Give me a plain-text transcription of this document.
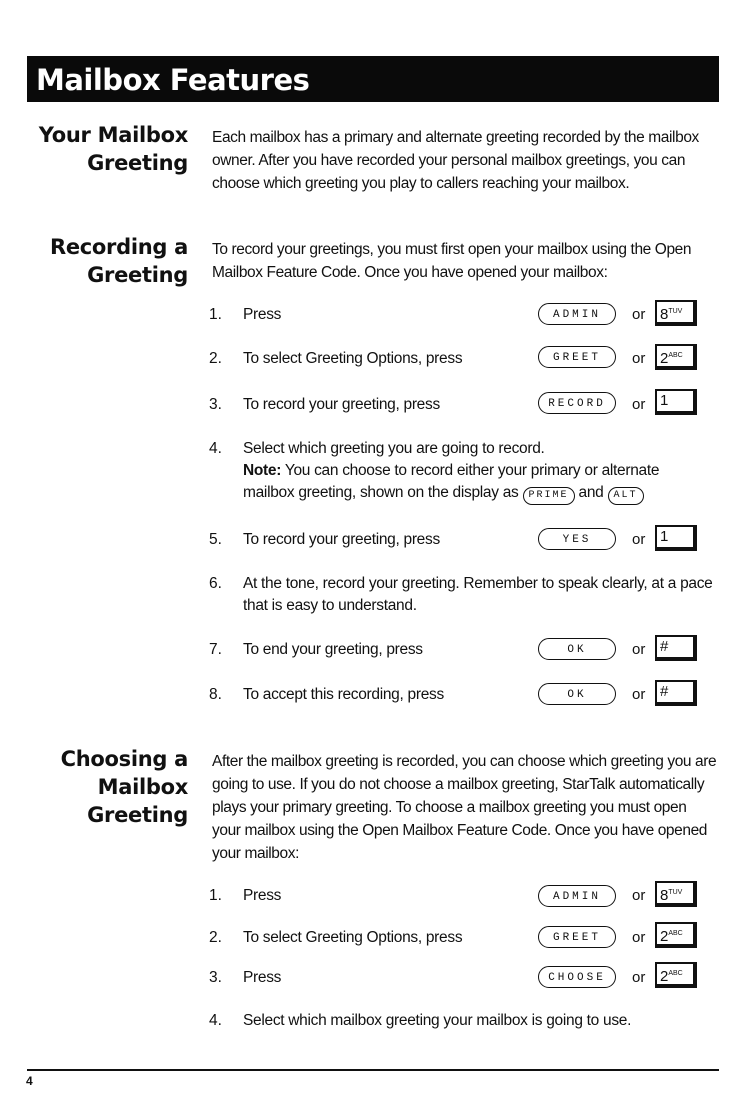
Mailbox Features
Your Mailbox
Greeting
Each mailbox has a primary and alternate greeting recorded by the mailbox owner. After you have recorded your personal mailbox greetings, you can choose which greeting you play to callers reaching your mailbox.
Recording a
Greeting
To record your greetings, you must first open your mailbox using the Open Mailbox Feature Code. Once you have opened your mailbox:
1. Press	ADMIN	or $8^{TUV}$
2. To select Greeting Options, press	GREET	or $2^{ABC}$
3. To record your greeting, press	RECORD	or 1
4. Select which greeting you are going to record.
Note: You can choose to record either your primary or alternate mailbox greeting, shown on the display as PRIME and ALT
5. To record your greeting, press	YES	or 1
6. At the tone, record your greeting. Remember to speak clearly, at a pace that is easy to understand.
7. To end your greeting, press	OK	or #
8. To accept this recording, press	OK	or #
Choosing a
Mailbox
Greeting
After the mailbox greeting is recorded, you can choose which greeting you are going to use. If you do not choose a mailbox greeting, StarTalk automatically plays your primary greeting. To choose a mailbox greeting you must open your mailbox using the Open Mailbox Feature Code. Once you have opened your mailbox:
1. Press	ADMIN	or $8^{TUV}$
2. To select Greeting Options, press	GREET	or $2^{ABC}$
3. Press	CHOOSE	or $2^{ABC}$
4. Select which mailbox greeting your mailbox is going to use.
4
